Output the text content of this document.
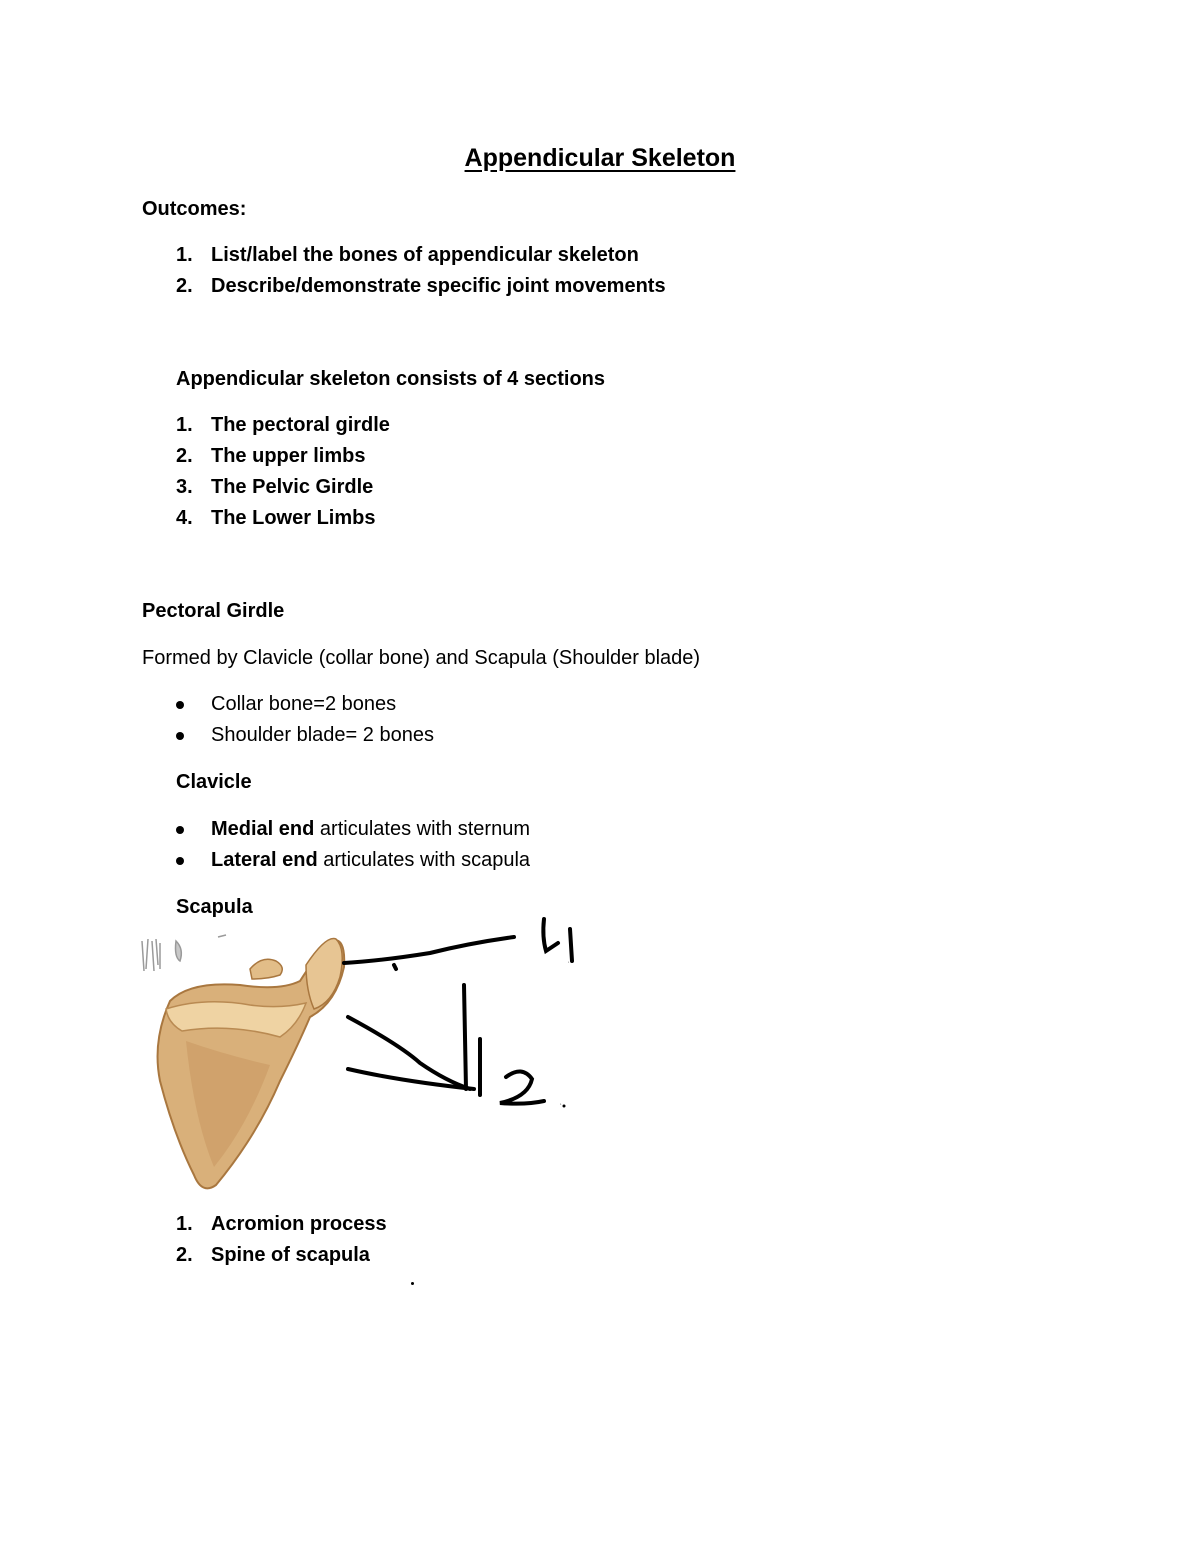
Appendicular Skeleton
Outcomes:
1. List/label the bones of appendicular skeleton
2. Describe/demonstrate specific joint movements
Appendicular skeleton consists of 4 sections
1. The pectoral girdle
2. The upper limbs
3. The Pelvic Girdle
4. The Lower Limbs
Pectoral Girdle
Formed by Clavicle (collar bone) and Scapula (Shoulder blade)
Collar bone=2 bones
Shoulder blade= 2 bones
Clavicle
Medial end articulates with sternum
Lateral end articulates with scapula
Scapula
1
2.
1. Acromion process
2. Spine of scapula
